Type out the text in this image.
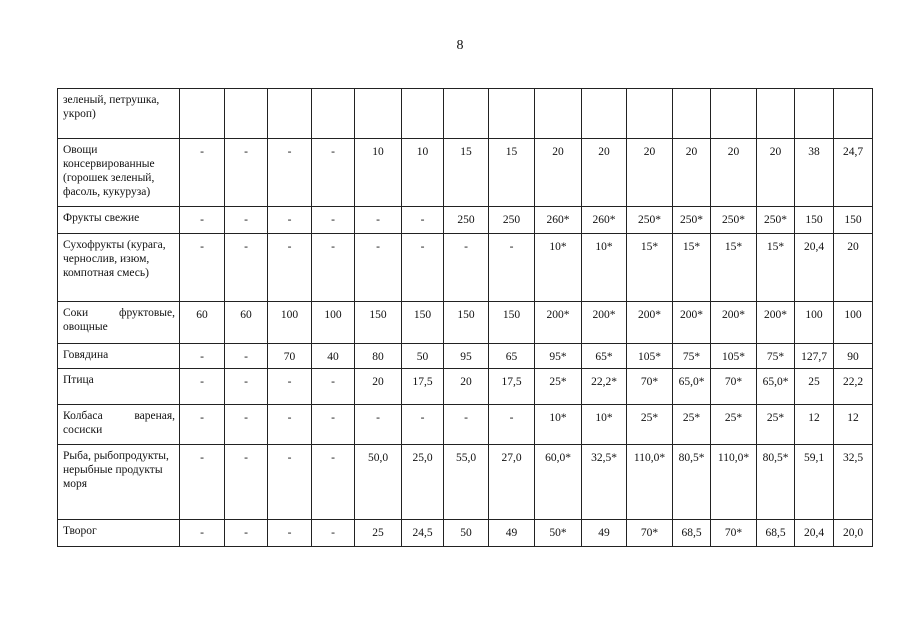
8
зеленый, петрушка, укроп)																
Овощи консервированные (горошек зеленый, фасоль, кукуруза)	-	-	-	-	10	10	15	15	20	20	20	20	20	20	38	24,7
Фрукты свежие	-	-	-	-	-	-	250	250	260*	260*	250*	250*	250*	250*	150	150
Сухофрукты (курага, чернослив, изюм, компотная смесь)	-	-	-	-	-	-	-	-	10*	10*	15*	15*	15*	15*	20,4	20
Соки фруктовые, овощные	60	60	100	100	150	150	150	150	200*	200*	200*	200*	200*	200*	100	100
Говядина	-	-	70	40	80	50	95	65	95*	65*	105*	75*	105*	75*	127,7	90
Птица	-	-	-	-	20	17,5	20	17,5	25*	22,2*	70*	65,0*	70*	65,0*	25	22,2
Колбаса вареная, сосиски	-	-	-	-	-	-	-	-	10*	10*	25*	25*	25*	25*	12	12
Рыба, рыбопродукты, нерыбные продукты моря	-	-	-	-	50,0	25,0	55,0	27,0	60,0*	32,5*	110,0*	80,5*	110,0*	80,5*	59,1	32,5
Творог	-	-	-	-	25	24,5	50	49	50*	49	70*	68,5	70*	68,5	20,4	20,0
